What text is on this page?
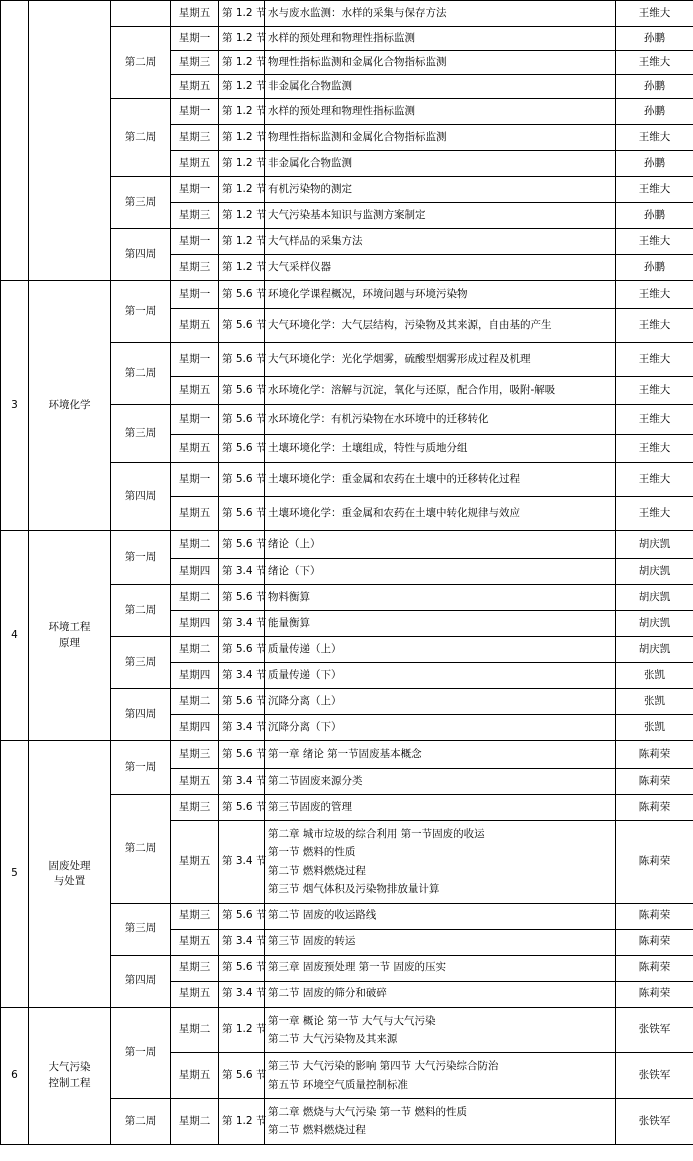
			星期五	第 1.2 节	水与废水监测：水样的采集与保存方法	王维大
		第二周	星期一	第 1.2 节	水样的预处理和物理性指标监测	孙鹏
			星期三	第 1.2 节	物理性指标监测和金属化合物指标监测	王维大
			星期五	第 1.2 节	非金属化合物监测	孙鹏
		第二周	星期一	第 1.2 节	水样的预处理和物理性指标监测	孙鹏
			星期三	第 1.2 节	物理性指标监测和金属化合物指标监测	王维大
			星期五	第 1.2 节	非金属化合物监测	孙鹏
		第三周	星期一	第 1.2 节	有机污染物的测定	王维大
			星期三	第 1.2 节	大气污染基本知识与监测方案制定	孙鹏
		第四周	星期一	第 1.2 节	大气样品的采集方法	王维大
			星期三	第 1.2 节	大气采样仪器	孙鹏
3	环境化学	第一周	星期一	第 5.6 节	环境化学课程概况，环境问题与环境污染物	王维大
			星期五	第 5.6 节	大气环境化学：大气层结构，污染物及其来源，自由基的产生	王维大
		第二周	星期一	第 5.6 节	大气环境化学：光化学烟雾，硫酸型烟雾形成过程及机理	王维大
			星期五	第 5.6 节	水环境化学：溶解与沉淀，氧化与还原，配合作用，吸附-解吸	王维大
		第三周	星期一	第 5.6 节	水环境化学：有机污染物在水环境中的迁移转化	王维大
			星期五	第 5.6 节	土壤环境化学：土壤组成，特性与质地分组	王维大
		第四周	星期一	第 5.6 节	土壤环境化学：重金属和农药在土壤中的迁移转化过程	王维大
			星期五	第 5.6 节	土壤环境化学：重金属和农药在土壤中转化规律与效应	王维大
4	环境工程
原理	第一周	星期二	第 5.6 节	绪论（上）	胡庆凯
			星期四	第 3.4 节	绪论（下）	胡庆凯
		第二周	星期二	第 5.6 节	物料衡算	胡庆凯
			星期四	第 3.4 节	能量衡算	胡庆凯
		第三周	星期二	第 5.6 节	质量传递（上）	胡庆凯
			星期四	第 3.4 节	质量传递（下）	张凯
		第四周	星期二	第 5.6 节	沉降分离（上）	张凯
			星期四	第 3.4 节	沉降分离（下）	张凯
5	固废处理
与处置	第一周	星期三	第 5.6 节	第一章 绪论 第一节固废基本概念	陈莉荣
			星期五	第 3.4 节	第二节固废来源分类	陈莉荣
		第二周	星期三	第 5.6 节	第三节固废的管理	陈莉荣
			星期五	第 3.4 节	第二章 城市垃圾的综合利用 第一节固废的收运
第一节 燃料的性质
第二节 燃料燃烧过程
第三节 烟气体积及污染物排放量计算	陈莉荣
		第三周	星期三	第 5.6 节	第二节 固废的收运路线	陈莉荣
			星期五	第 3.4 节	第三节 固废的转运	陈莉荣
		第四周	星期三	第 5.6 节	第三章 固废预处理 第一节 固废的压实	陈莉荣
			星期五	第 3.4 节	第二节 固废的筛分和破碎	陈莉荣
6	大气污染
控制工程	第一周	星期二	第 1.2 节	第一章 概论 第一节 大气与大气污染
第二节 大气污染物及其来源	张铁军
			星期五	第 5.6 节	第三节 大气污染的影响 第四节 大气污染综合防治
第五节 环境空气质量控制标准	张铁军
		第二周	星期二	第 1.2 节	第二章 燃烧与大气污染 第一节 燃料的性质
第二节 燃料燃烧过程	张铁军
